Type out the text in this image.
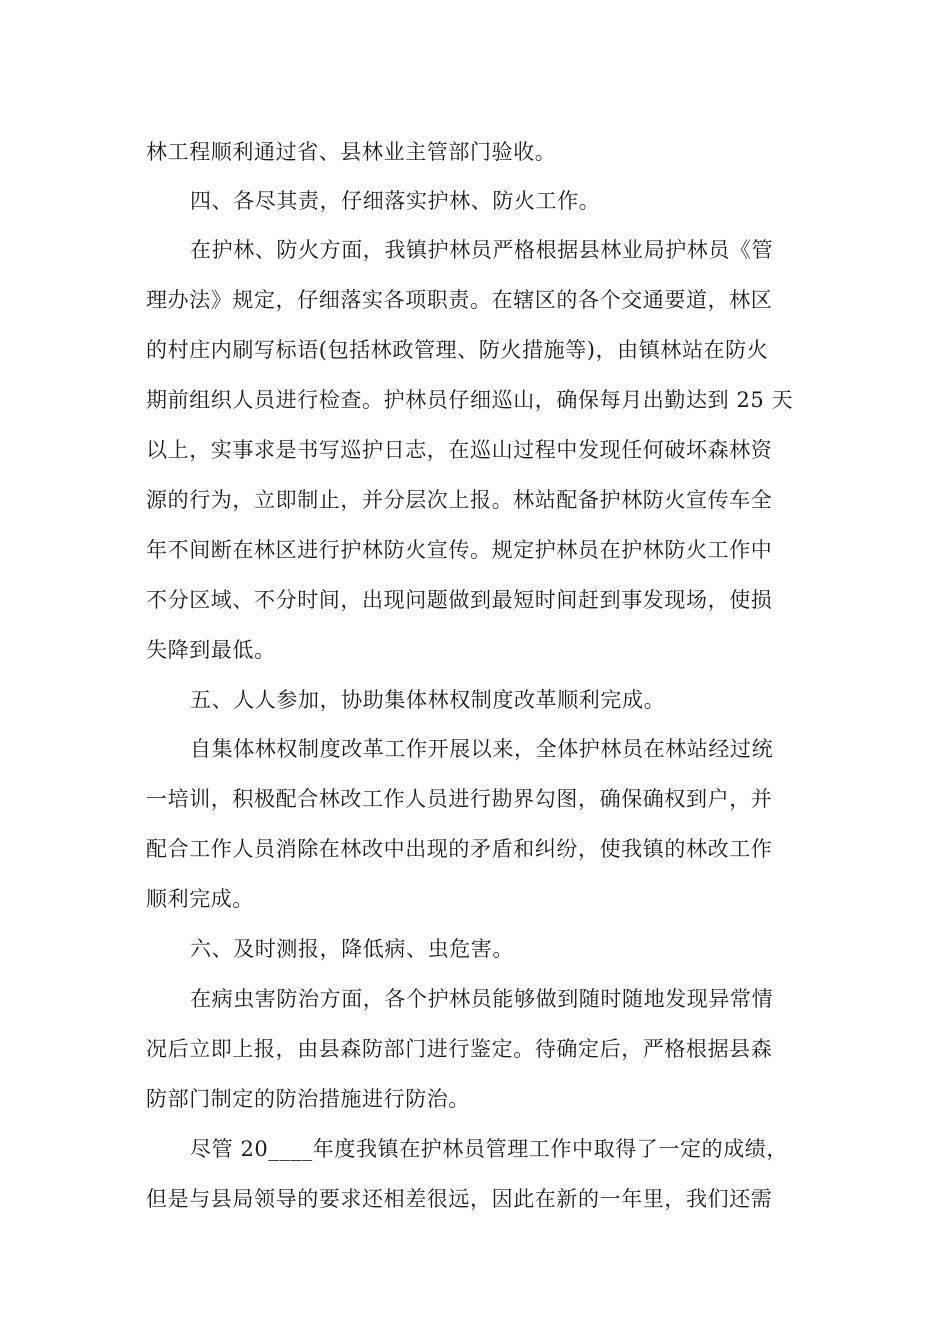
林工程顺利通过省、县林业主管部门验收。

四、各尽其责，仔细落实护林、防火工作。

在护林、防火方面，我镇护林员严格根据县林业局护林员《管

理办法》规定，仔细落实各项职责。在辖区的各个交通要道，林区

的村庄内刷写标语(包括林政管理、防火措施等)，由镇林站在防火

期前组织人员进行检查。护林员仔细巡山，确保每月出勤达到 25 天

以上，实事求是书写巡护日志，在巡山过程中发现任何破坏森林资

源的行为，立即制止，并分层次上报。林站配备护林防火宣传车全

年不间断在林区进行护林防火宣传。规定护林员在护林防火工作中

不分区域、不分时间，出现问题做到最短时间赶到事发现场，使损

失降到最低。

五、人人参加，协助集体林权制度改革顺利完成。

自集体林权制度改革工作开展以来，全体护林员在林站经过统

一培训，积极配合林改工作人员进行勘界勾图，确保确权到户，并

配合工作人员消除在林改中出现的矛盾和纠纷，使我镇的林改工作

顺利完成。

六、及时测报，降低病、虫危害。

在病虫害防治方面，各个护林员能够做到随时随地发现异常情

况后立即上报，由县森防部门进行鉴定。待确定后，严格根据县森

防部门制定的防治措施进行防治。

尽管 20____年度我镇在护林员管理工作中取得了一定的成绩，

但是与县局领导的要求还相差很远，因此在新的一年里，我们还需
